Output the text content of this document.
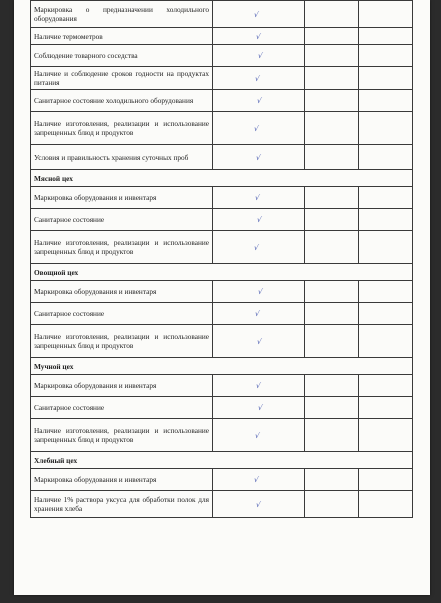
Маркировка о предназначении холодильного оборудования	√		
Наличие термометров	√		
Соблюдение товарного соседства	√		
Наличие и соблюдение сроков годности на продуктах питания	√		
Санитарное состояние холодильного оборудования	√		
Наличие изготовления, реализации и использование запрещенных блюд и продуктов	√		
Условия и правильность хранения суточных проб	√		
Мясной цех			
Маркировка оборудования и инвентаря	√		
Санитарное состояние	√		
Наличие изготовления, реализации и использование запрещенных блюд и продуктов	√		
Овощной цех			
Маркировка оборудования и инвентаря	√		
Санитарное состояние	√		
Наличие изготовления, реализации и использование запрещенных блюд и продуктов	√		
Мучной цех			
Маркировка оборудования и инвентаря	√		
Санитарное состояние	√		
Наличие изготовления, реализации и использование запрещенных блюд и продуктов	√		
Хлебный цех			
Маркировка оборудования и инвентаря	√		
Наличие 1% раствора уксуса для обработки полок для хранения хлеба	√		
